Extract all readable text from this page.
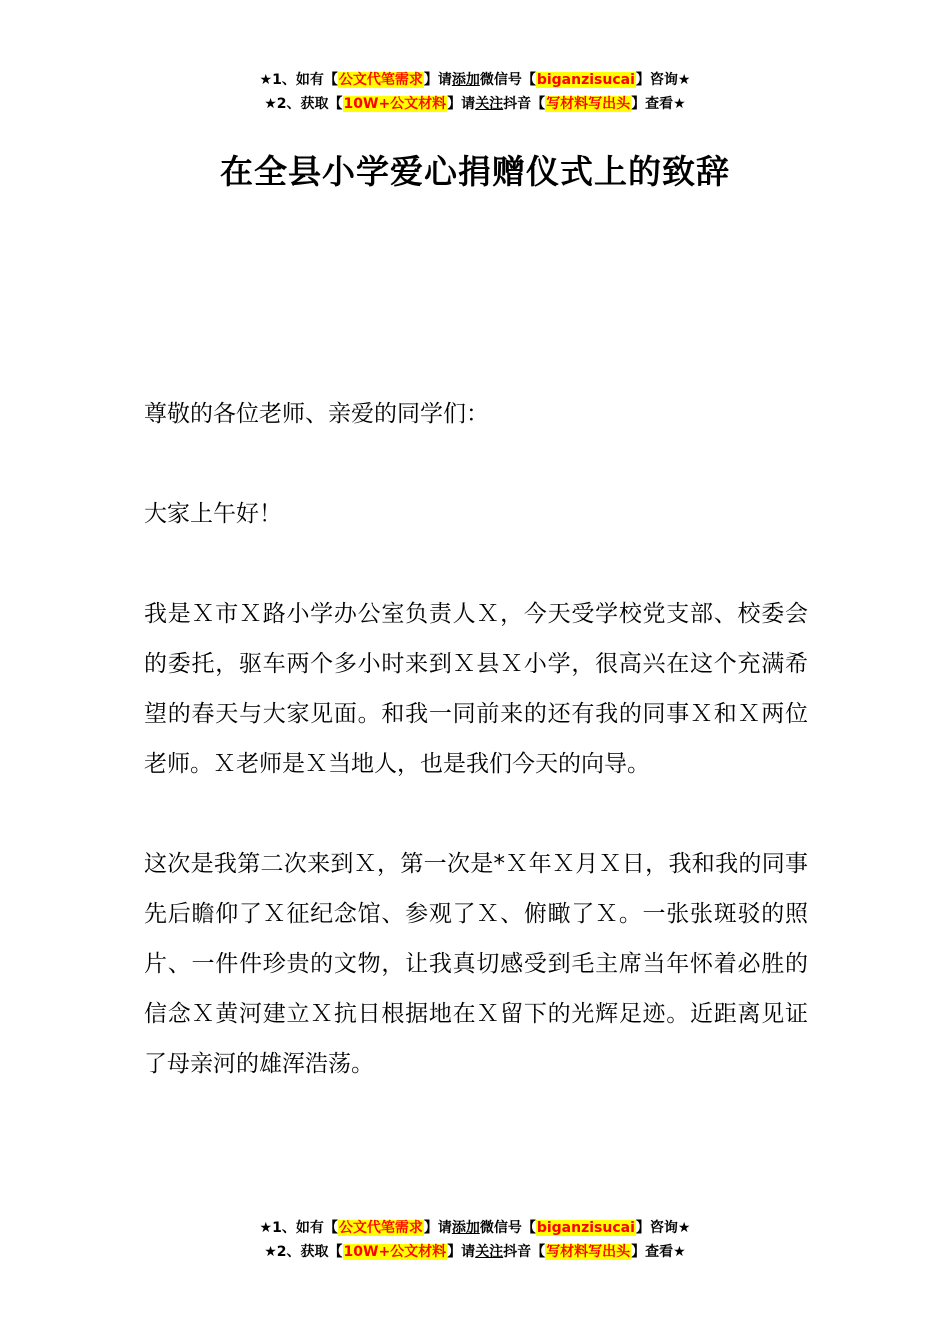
★1、如有【公文代笔需求】请添加微信号【biganzisucai】咨询★
★2、获取【10W+公文材料】请关注抖音【写材料写出头】查看★
在全县小学爱心捐赠仪式上的致辞

尊敬的各位老师、亲爱的同学们：

大家上午好！

我是Ｘ市Ｘ路小学办公室负责人Ｘ，今天受学校党支部、校委会的委托，驱车两个多小时来到Ｘ县Ｘ小学，很高兴在这个充满希望的春天与大家见面。和我一同前来的还有我的同事Ｘ和Ｘ两位老师。Ｘ老师是Ｘ当地人，也是我们今天的向导。

这次是我第二次来到Ｘ，第一次是*Ｘ年Ｘ月Ｘ日，我和我的同事先后瞻仰了Ｘ征纪念馆、参观了Ｘ、俯瞰了Ｘ。一张张斑驳的照片、一件件珍贵的文物，让我真切感受到毛主席当年怀着必胜的信念Ｘ黄河建立Ｘ抗日根据地在Ｘ留下的光辉足迹。近距离见证了母亲河的雄浑浩荡。

★1、如有【公文代笔需求】请添加微信号【biganzisucai】咨询★
★2、获取【10W+公文材料】请关注抖音【写材料写出头】查看★
